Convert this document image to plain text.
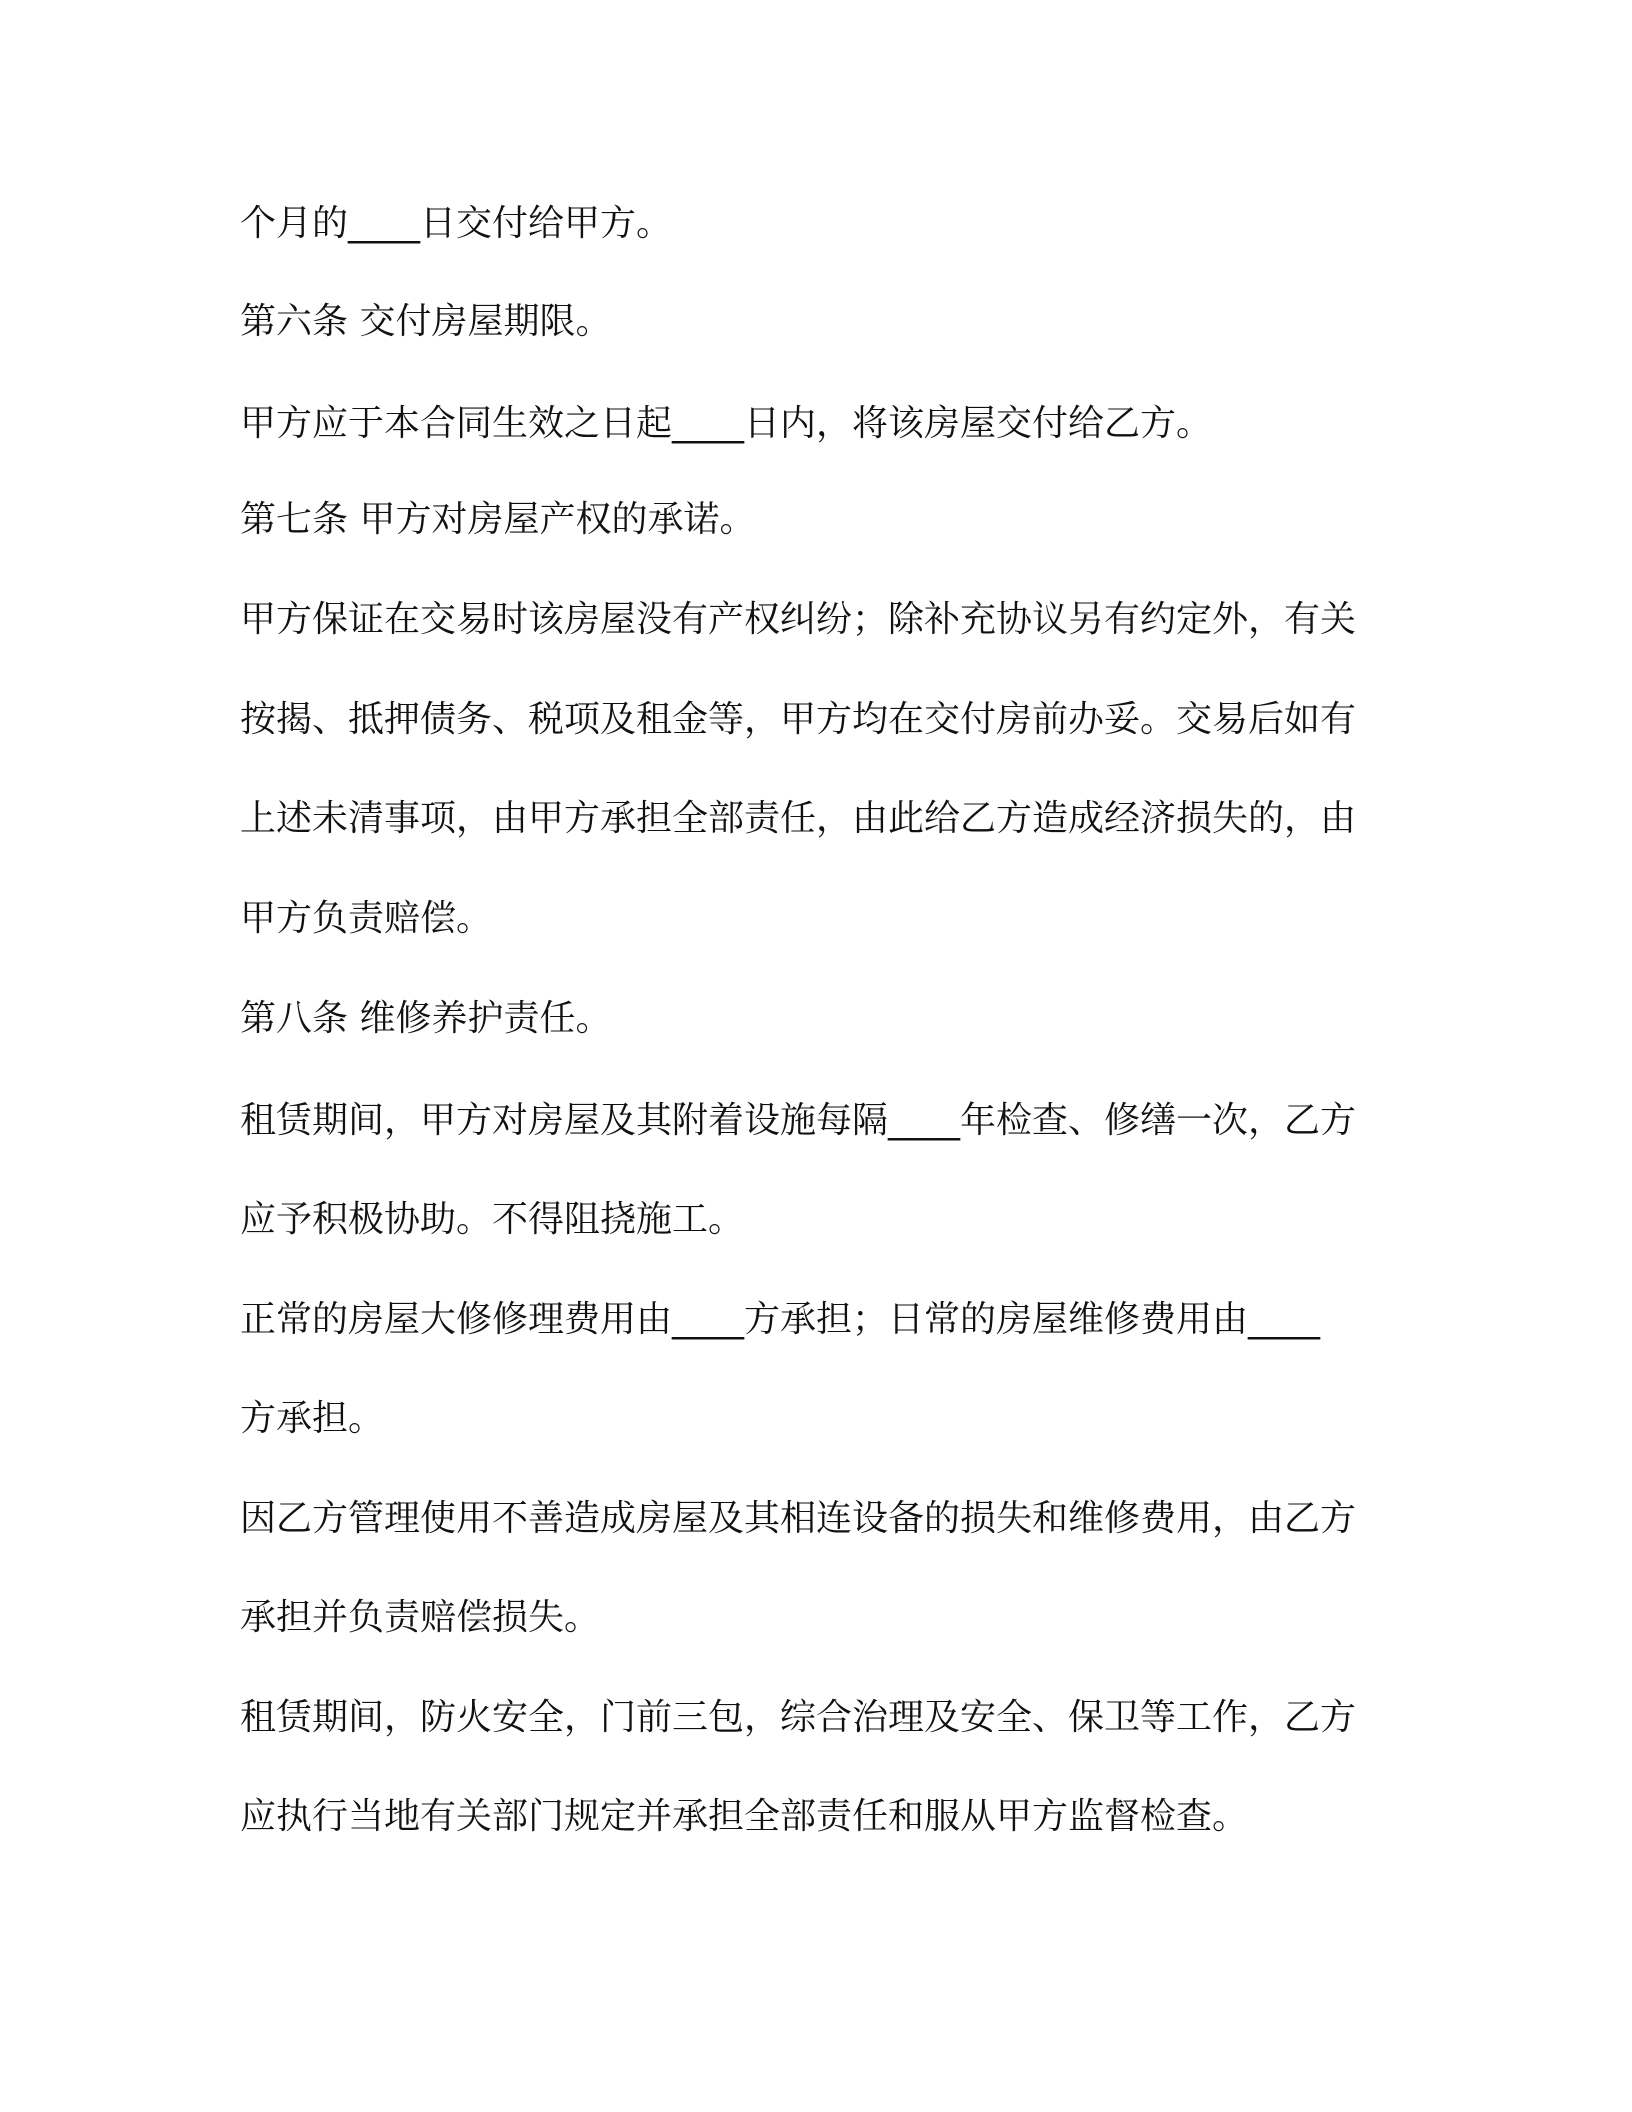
个月的____日交付给甲方。
第六条 交付房屋期限。
甲方应于本合同生效之日起____日内，将该房屋交付给乙方。
第七条 甲方对房屋产权的承诺。
甲方保证在交易时该房屋没有产权纠纷；除补充协议另有约定外，有关
按揭、抵押债务、税项及租金等，甲方均在交付房前办妥。交易后如有
上述未清事项，由甲方承担全部责任，由此给乙方造成经济损失的，由
甲方负责赔偿。
第八条 维修养护责任。
租赁期间，甲方对房屋及其附着设施每隔____年检查、修缮一次，乙方
应予积极协助。不得阻挠施工。
正常的房屋大修修理费用由____方承担；日常的房屋维修费用由____
方承担。
因乙方管理使用不善造成房屋及其相连设备的损失和维修费用，由乙方
承担并负责赔偿损失。
租赁期间，防火安全，门前三包，综合治理及安全、保卫等工作，乙方
应执行当地有关部门规定并承担全部责任和服从甲方监督检查。
